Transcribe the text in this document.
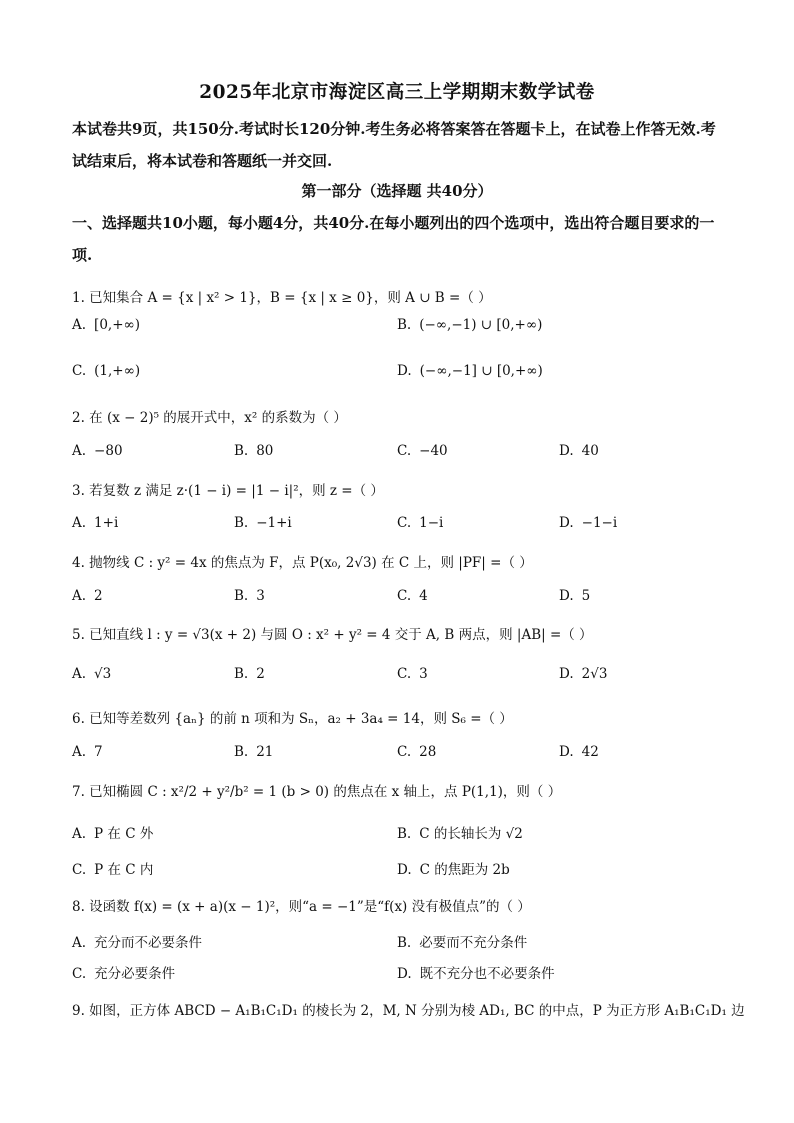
2025年北京市海淀区高三上学期期末数学试卷
本试卷共9页，共150分.考试时长120分钟.考生务必将答案答在答题卡上，在试卷上作答无效.考试结束后，将本试卷和答题纸一并交回.
第一部分（选择题 共40分）
一、选择题共10小题，每小题4分，共40分.在每小题列出的四个选项中，选出符合题目要求的一项.
1. 已知集合 A = {x | x² > 1}，B = {x | x ≥ 0}，则 A ∪ B =（ ）
A. [0,+∞)	B. (−∞,−1) ∪ [0,+∞)
C. (1,+∞)	D. (−∞,−1] ∪ [0,+∞)
2. 在 (x − 2)⁵ 的展开式中，x² 的系数为（ ）
A. −80	B. 80	C. −40	D. 40
3. 若复数 z 满足 z·(1 − i) = |1 − i|²，则 z =（ ）
A. 1+i	B. −1+i	C. 1−i	D. −1−i
4. 抛物线 C : y² = 4x 的焦点为 F，点 P(x₀, 2√3) 在 C 上，则 |PF| =（ ）
A. 2	B. 3	C. 4	D. 5
5. 已知直线 l : y = √3(x + 2) 与圆 O : x² + y² = 4 交于 A, B 两点，则 |AB| =（ ）
A. √3	B. 2	C. 3	D. 2√3
6. 已知等差数列 {aₙ} 的前 n 项和为 Sₙ，a₂ + 3a₄ = 14，则 S₆ =（ ）
A. 7	B. 21	C. 28	D. 42
7. 已知椭圆 C : x²/2 + y²/b² = 1 (b > 0) 的焦点在 x 轴上，点 P(1,1)，则（ ）
A. P 在 C 外	B. C 的长轴长为 √2
C. P 在 C 内	D. C 的焦距为 2b
8. 设函数 f(x) = (x + a)(x − 1)²，则“a = −1”是“f(x) 没有极值点”的（ ）
A. 充分而不必要条件	B. 必要而不充分条件
C. 充分必要条件	D. 既不充分也不必要条件
9. 如图，正方体 ABCD − A₁B₁C₁D₁ 的棱长为 2，M, N 分别为棱 AD₁, BC 的中点，P 为正方形 A₁B₁C₁D₁ 边
